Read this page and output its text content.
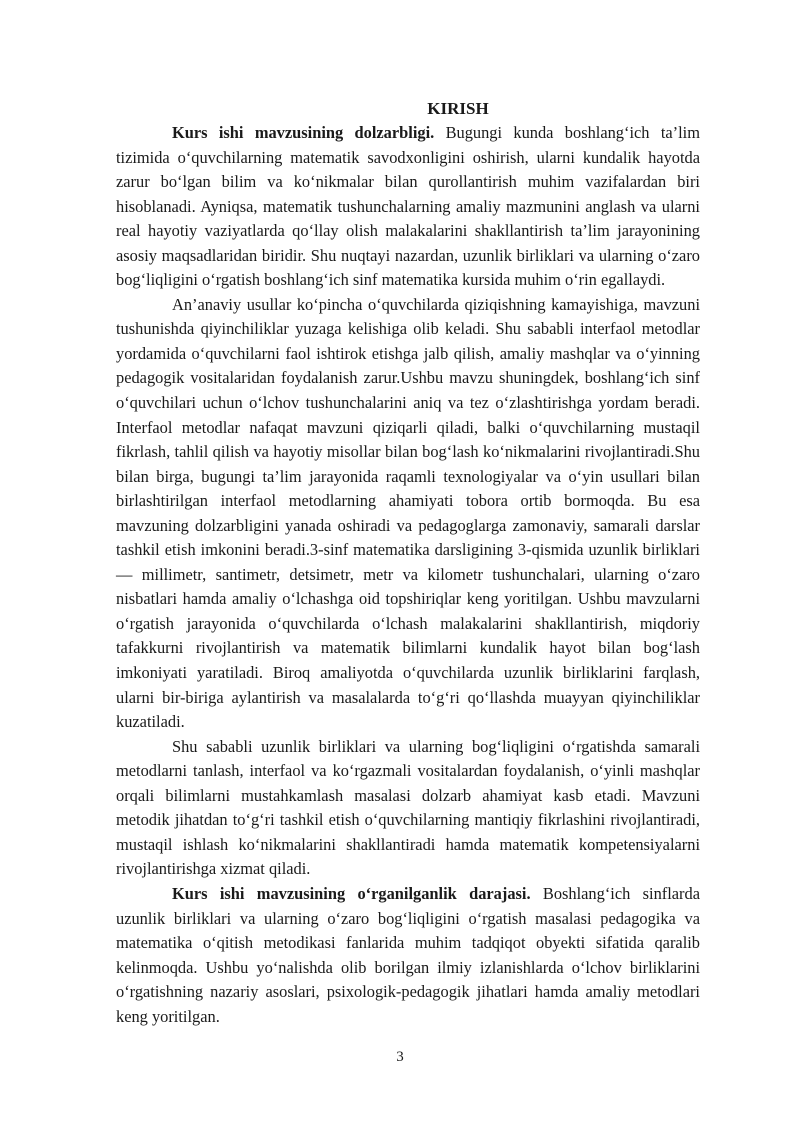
KIRISH

Kurs ishi mavzusining dolzarbligi. Bugungi kunda boshlang‘ich ta’lim tizimida o‘quvchilarning matematik savodxonligini oshirish, ularni kundalik hayotda zarur bo‘lgan bilim va ko‘nikmalar bilan qurollantirish muhim vazifalardan biri hisoblanadi. Ayniqsa, matematik tushunchalarning amaliy mazmunini anglash va ularni real hayotiy vaziyatlarda qo‘llay olish malakalarini shakllantirish ta’lim jarayonining asosiy maqsadlaridan biridir. Shu nuqtayi nazardan, uzunlik birliklari va ularning o‘zaro bog‘liqligini o‘rgatish boshlang‘ich sinf matematika kursida muhim o‘rin egallaydi.

An’anaviy usullar ko‘pincha o‘quvchilarda qiziqishning kamayishiga, mavzuni tushunishda qiyinchiliklar yuzaga kelishiga olib keladi. Shu sababli interfaol metodlar yordamida o‘quvchilarni faol ishtirok etishga jalb qilish, amaliy mashqlar va o‘yinning pedagogik vositalaridan foydalanish zarur.Ushbu mavzu shuningdek, boshlang‘ich sinf o‘quvchilari uchun o‘lchov tushunchalarini aniq va tez o‘zlashtirishga yordam beradi. Interfaol metodlar nafaqat mavzuni qiziqarli qiladi, balki o‘quvchilarning mustaqil fikrlash, tahlil qilish va hayotiy misollar bilan bog‘lash ko‘nikmalarini rivojlantiradi.Shu bilan birga, bugungi ta’lim jarayonida raqamli texnologiyalar va o‘yin usullari bilan birlashtirilgan interfaol metodlarning ahamiyati tobora ortib bormoqda. Bu esa mavzuning dolzarbligini yanada oshiradi va pedagoglarga zamonaviy, samarali darslar tashkil etish imkonini beradi.3-sinf matematika darsligining 3-qismida uzunlik birliklari — millimetr, santimetr, detsimetr, metr va kilometr tushunchalari, ularning o‘zaro nisbatlari hamda amaliy o‘lchashga oid topshiriqlar keng yoritilgan. Ushbu mavzularni o‘rgatish jarayonida o‘quvchilarda o‘lchash malakalarini shakllantirish, miqdoriy tafakkurni rivojlantirish va matematik bilimlarni kundalik hayot bilan bog‘lash imkoniyati yaratiladi. Biroq amaliyotda o‘quvchilarda uzunlik birliklarini farqlash, ularni bir-biriga aylantirish va masalalarda to‘g‘ri qo‘llashda muayyan qiyinchiliklar kuzatiladi.

Shu sababli uzunlik birliklari va ularning bog‘liqligini o‘rgatishda samarali metodlarni tanlash, interfaol va ko‘rgazmali vositalardan foydalanish, o‘yinli mashqlar orqali bilimlarni mustahkamlash masalasi dolzarb ahamiyat kasb etadi. Mavzuni metodik jihatdan to‘g‘ri tashkil etish o‘quvchilarning mantiqiy fikrlashini rivojlantiradi, mustaqil ishlash ko‘nikmalarini shakllantiradi hamda matematik kompetensiyalarni rivojlantirishga xizmat qiladi.

Kurs ishi mavzusining o‘rganilganlik darajasi. Boshlang‘ich sinflarda uzunlik birliklari va ularning o‘zaro bog‘liqligini o‘rgatish masalasi pedagogika va matematika o‘qitish metodikasi fanlarida muhim tadqiqot obyekti sifatida qaralib kelinmoqda. Ushbu yo‘nalishda olib borilgan ilmiy izlanishlarda o‘lchov birliklarini o‘rgatishning nazariy asoslari, psixologik-pedagogik jihatlari hamda amaliy metodlari keng yoritilgan.

3
